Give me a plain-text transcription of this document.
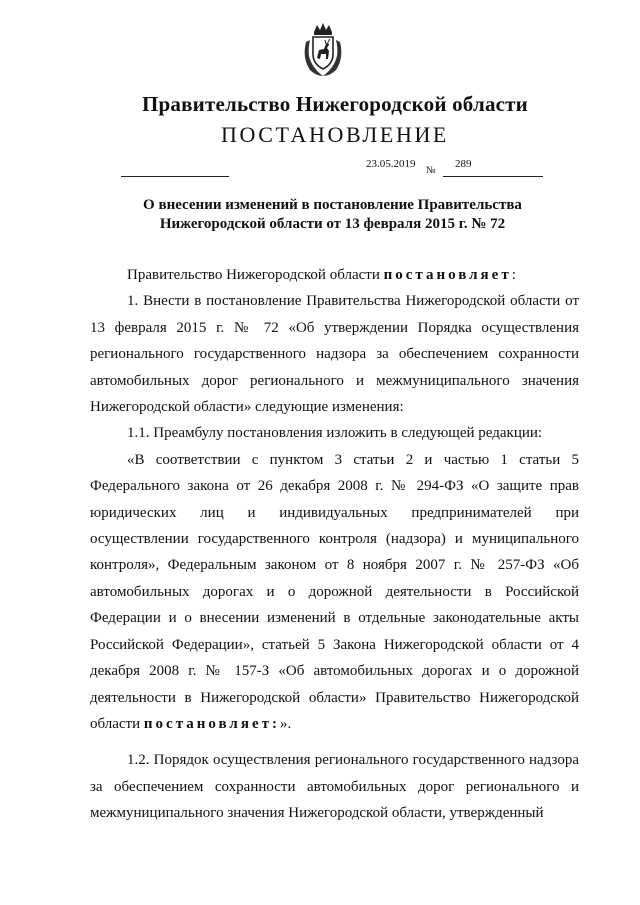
Правительство Нижегородской области
ПОСТАНОВЛЕНИЕ
23.05.2019
№
289
О внесении изменений в постановление Правительства
Нижегородской области от 13 февраля 2015 г. № 72

Правительство Нижегородской области постановляет:

1. Внести в постановление Правительства Нижегородской области от 13 февраля 2015 г. № 72 «Об утверждении Порядка осуществления регионального государственного надзора за обеспечением сохранности автомобильных дорог регионального и межмуниципального значения Нижегородской области» следующие изменения:

1.1. Преамбулу постановления изложить в следующей редакции:

«В соответствии с пунктом 3 статьи 2 и частью 1 статьи 5 Федерального закона от 26 декабря 2008 г. № 294-ФЗ «О защите прав юридических лиц и индивидуальных предпринимателей при осуществлении государственного контроля (надзора) и муниципального контроля», Федеральным законом от 8 ноября 2007 г. № 257-ФЗ «Об автомобильных дорогах и о дорожной деятельности в Российской Федерации и о внесении изменений в отдельные законодательные акты Российской Федерации», статьей 5 Закона Нижегородской области от 4 декабря 2008 г. № 157-З «Об автомобильных дорогах и о дорожной деятельности в Нижегородской области» Правительство Нижегородской области постановляет:».

1.2. Порядок осуществления регионального государственного надзора за обеспечением сохранности автомобильных дорог регионального и межмуниципального значения Нижегородской области, утвержденный
